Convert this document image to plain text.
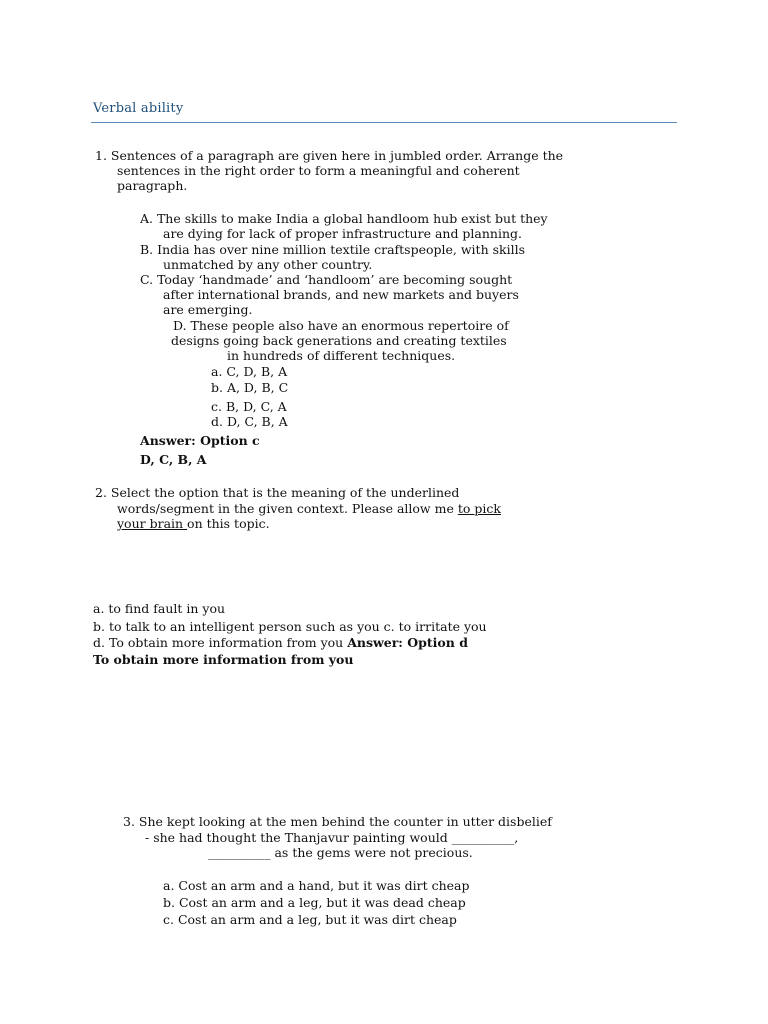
Verbal ability
1. Sentences of a paragraph are given here in jumbled order. Arrange the
sentences in the right order to form a meaningful and coherent
paragraph.
A. The skills to make India a global handloom hub exist but they
are dying for lack of proper infrastructure and planning.
B. India has over nine million textile craftspeople, with skills
unmatched by any other country.
C. Today ‘handmade’ and ‘handloom’ are becoming sought
after international brands, and new markets and buyers
are emerging.
D. These people also have an enormous repertoire of
designs going back generations and creating textiles
in hundreds of different techniques.
a. C, D, B, A
b. A, D, B, C
c. B, D, C, A
d. D, C, B, A
Answer: Option c
D, C, B, A
2. Select the option that is the meaning of the underlined
words/segment in the given context. Please allow me to pick
your brain on this topic.
a. to find fault in you
b. to talk to an intelligent person such as you c. to irritate you
d. To obtain more information from you Answer: Option d
To obtain more information from you
3. She kept looking at the men behind the counter in utter disbelief
- she had thought the Thanjavur painting would __________,
__________ as the gems were not precious.
a. Cost an arm and a hand, but it was dirt cheap
b. Cost an arm and a leg, but it was dead cheap
c. Cost an arm and a leg, but it was dirt cheap
